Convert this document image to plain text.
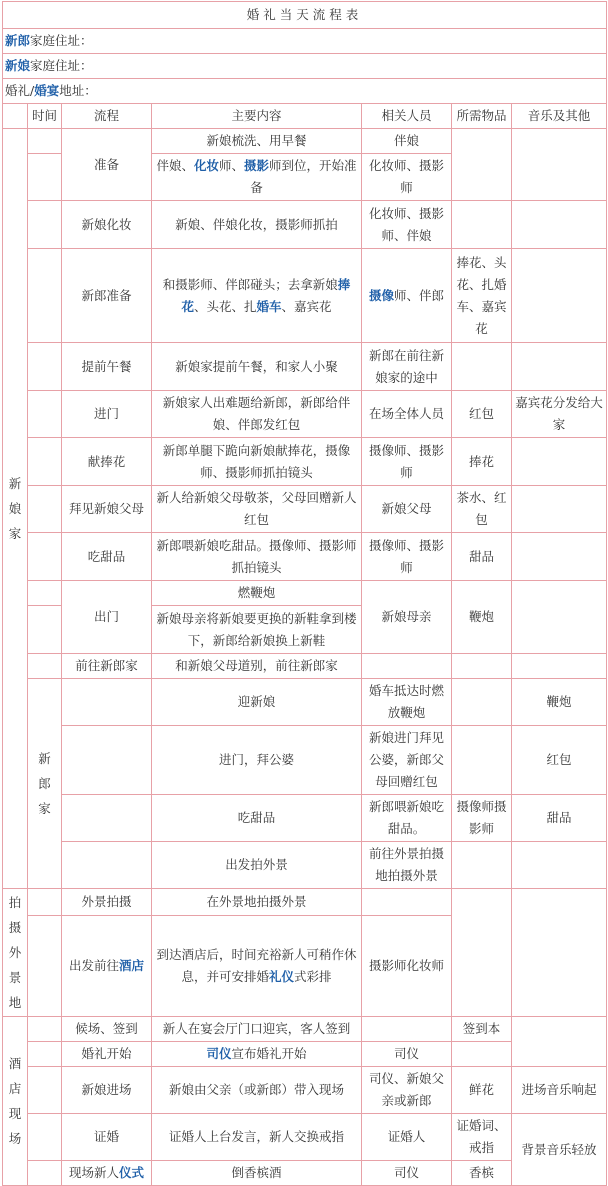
婚礼当天流程表							
新郎家庭住址：							
新娘家庭住址：							
婚礼/婚宴地址：							
	时间	流程	主要内容	相关人员	所需物品	音乐及其他	

新
娘
家		准备	新娘梳洗、用早餐	伴娘			
			伴娘、化妆师、摄影师到位，开始准备	化妆师、摄影师			
		新娘化妆	新娘、伴娘化妆，摄影师抓拍	化妆师、摄影师、伴娘			
		新郎准备	和摄影师、伴郎碰头；去拿新娘捧花、头花、扎婚车、嘉宾花	摄像师、伴郎	捧花、头花、扎婚车、嘉宾花		
		提前午餐	新娘家提前午餐，和家人小聚	新郎在前往新娘家的途中			
		进门	新娘家人出难题给新郎，新郎给伴娘、伴郎发红包	在场全体人员	红包	嘉宾花分发给大家	
		献捧花	新郎单腿下跪向新娘献捧花，摄像师、摄影师抓拍镜头	摄像师、摄影师	捧花		
		拜见新娘父母	新人给新娘父母敬茶，父母回赠新人红包	新娘父母	茶水、红包		
		吃甜品	新郎喂新娘吃甜品。摄像师、摄影师抓拍镜头	摄像师、摄影师	甜品		
		出门	燃鞭炮	新娘母亲	鞭炮		
			新娘母亲将新娘要更换的新鞋拿到楼下，新郎给新娘换上新鞋				
		前往新郎家	和新娘父母道别，前往新郎家				

	新
郎
家		迎新娘	婚车抵达时燃放鞭炮		鞭炮	
			进门，拜公婆	新娘进门拜见公婆，新郎父母回赠红包		红包	
			吃甜品	新郎喂新娘吃甜品。	摄像师摄影师	甜品	
			出发拍外景	前往外景拍摄地拍摄外景			

拍
摄
外
景
地		外景拍摄	在外景地拍摄外景				
		出发前往酒店	到达酒店后，时间充裕新人可稍作休息，并可安排婚礼仪式彩排	摄影师化妆师			

酒
店
现
场		候场、签到	新人在宴会厅门口迎宾，客人签到		签到本		
		婚礼开始	司仪宣布婚礼开始	司仪			
		新娘进场	新娘由父亲（或新郎）带入现场	司仪、新娘父亲或新郎	鲜花	进场音乐响起	
		证婚	证婚人上台发言，新人交换戒指	证婚人	证婚词、戒指	背景音乐轻放	
		现场新人仪式	倒香槟酒	司仪	香槟		
